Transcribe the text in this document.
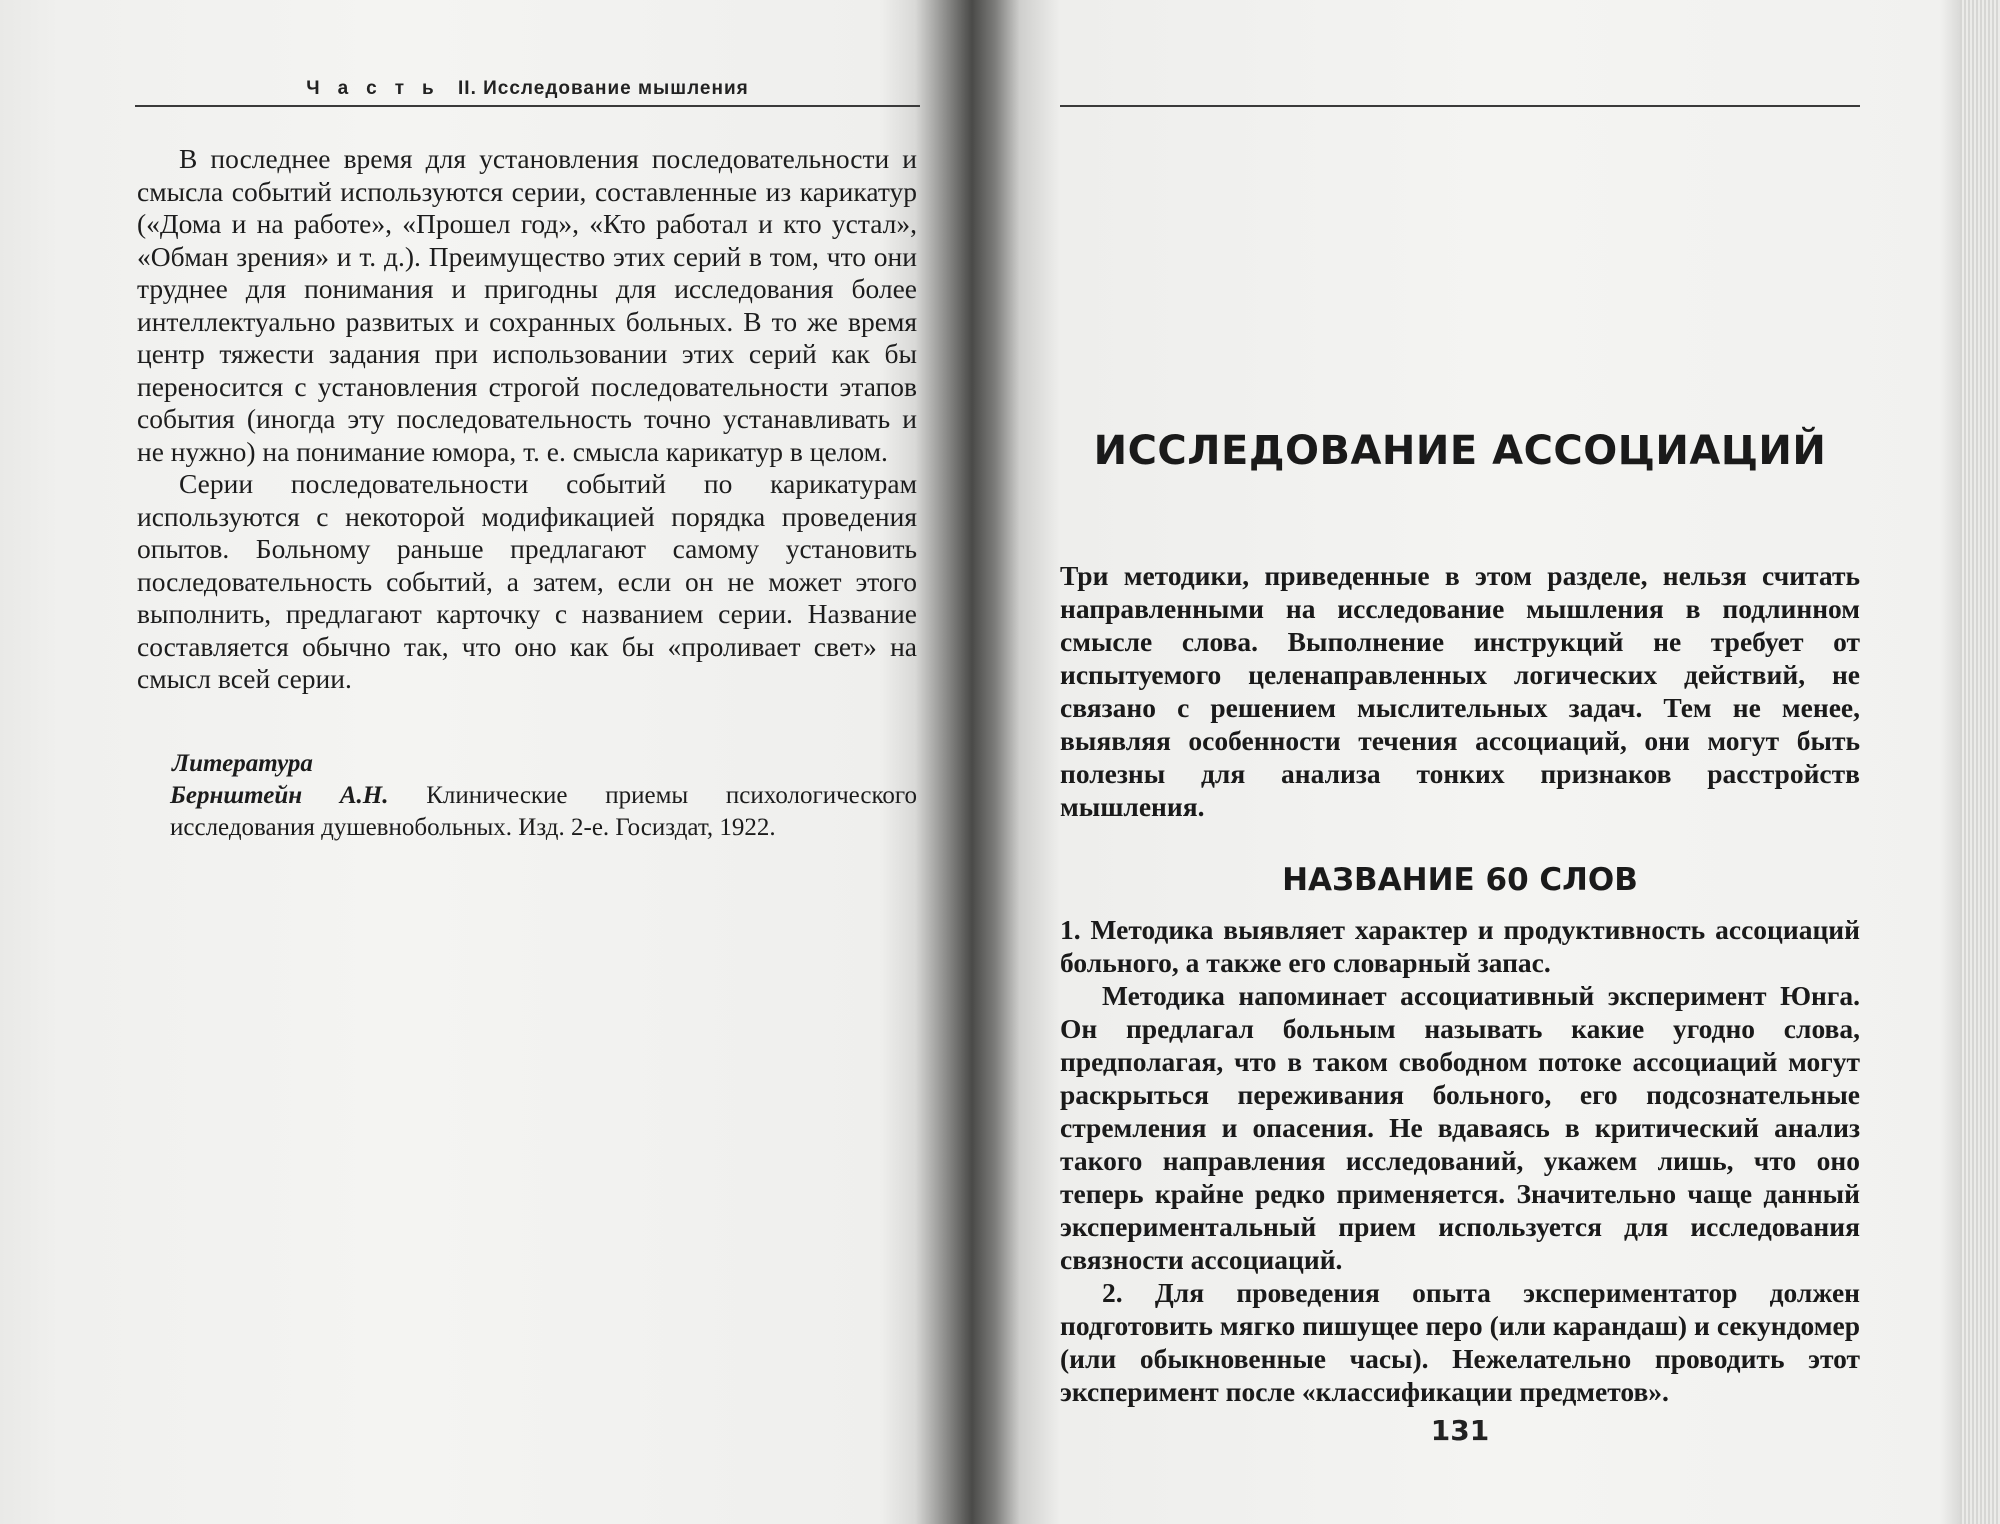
Часть II. Исследование мышления

В последнее время для установления последовательности и смысла событий используются серии, составленные из карикатур («Дома и на работе», «Прошел год», «Кто работал и кто устал», «Обман зрения» и т. д.). Преимущество этих серий в том, что они труднее для понимания и пригодны для исследования более интеллектуально развитых и сохранных больных. В то же время центр тяжести задания при использовании этих серий как бы переносится с установления строгой последовательности этапов события (иногда эту последовательность точно устанавливать и не нужно) на понимание юмора, т. е. смысла карикатур в целом.

Серии последовательности событий по карикатурам используются с некоторой модификацией порядка проведения опытов. Больному раньше предлагают самому установить последовательность событий, а затем, если он не может этого выполнить, предлагают карточку с названием серии. Название составляется обычно так, что оно как бы «проливает свет» на смысл всей серии.

Литература
Бернштейн А.Н. Клинические приемы психологического исследования душевнобольных. Изд. 2-е. Госиздат, 1922.
ИССЛЕДОВАНИЕ АССОЦИАЦИЙ
Три методики, приведенные в этом разделе, нельзя считать направленными на исследование мышления в подлинном смысле слова. Выполнение инструкций не требует от испытуемого целенаправленных логических действий, не связано с решением мыслительных задач. Тем не менее, выявляя особенности течения ассоциаций, они могут быть полезны для анализа тонких признаков расстройств мышления.
НАЗВАНИЕ 60 СЛОВ

1. Методика выявляет характер и продуктивность ассоциаций больного, а также его словарный запас.

Методика напоминает ассоциативный эксперимент Юнга. Он предлагал больным называть какие угодно слова, предполагая, что в таком свободном потоке ассоциаций могут раскрыться переживания больного, его подсознательные стремления и опасения. Не вдаваясь в критический анализ такого направления исследований, укажем лишь, что оно теперь крайне редко применяется. Значительно чаще данный экспериментальный прием используется для исследования связности ассоциаций.

2. Для проведения опыта экспериментатор должен подготовить мягко пишущее перо (или карандаш) и секундомер (или обыкновенные часы). Нежелательно проводить этот эксперимент после «классификации предметов».

131
